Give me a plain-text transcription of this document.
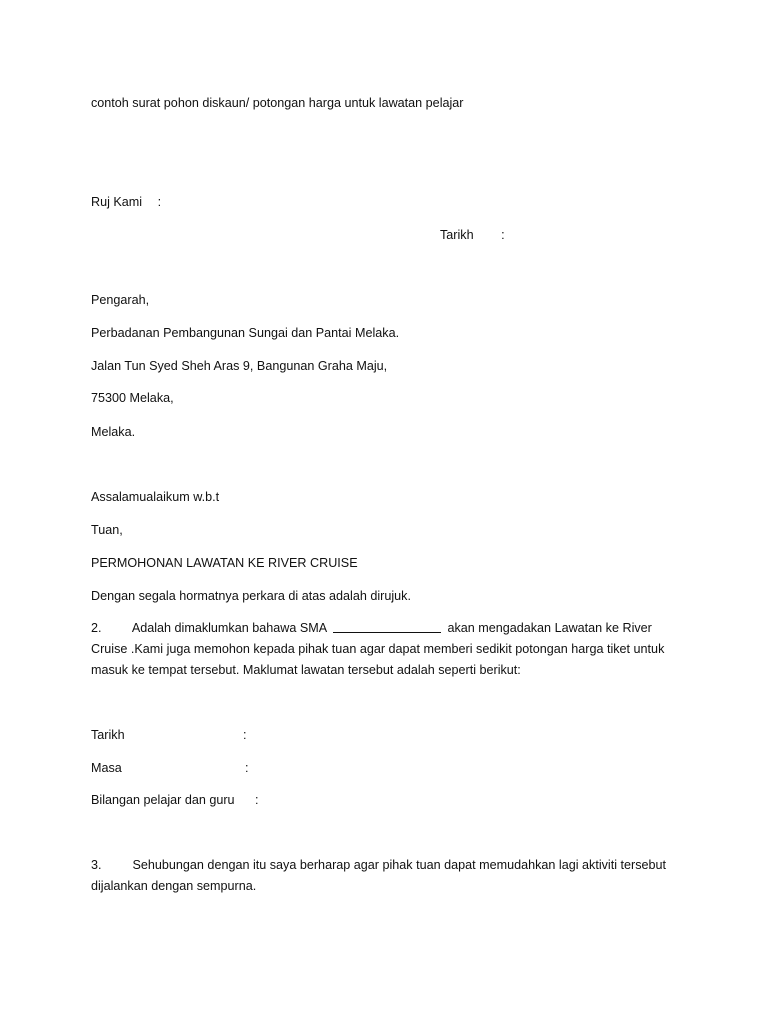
contoh surat pohon diskaun/ potongan harga untuk lawatan pelajar
Ruj Kami :
Tarikh :
Pengarah,
Perbadanan Pembangunan Sungai dan Pantai Melaka.
Jalan Tun Syed Sheh Aras 9, Bangunan Graha Maju,
75300 Melaka,
Melaka.
Assalamualaikum w.b.t
Tuan,
PERMOHONAN LAWATAN KE RIVER CRUISE
Dengan segala hormatnya perkara di atas adalah dirujuk.
2. Adalah dimaklumkan bahawa SMA	akan mengadakan Lawatan ke River
Cruise .Kami juga memohon kepada pihak tuan agar dapat memberi sedikit potongan harga tiket untuk
masuk ke tempat tersebut. Maklumat lawatan tersebut adalah seperti berikut:
Tarikh	:
Masa	:
Bilangan pelajar dan guru :
3. Sehubungan dengan itu saya berharap agar pihak tuan dapat memudahkan lagi aktiviti tersebut
dijalankan dengan sempurna.
